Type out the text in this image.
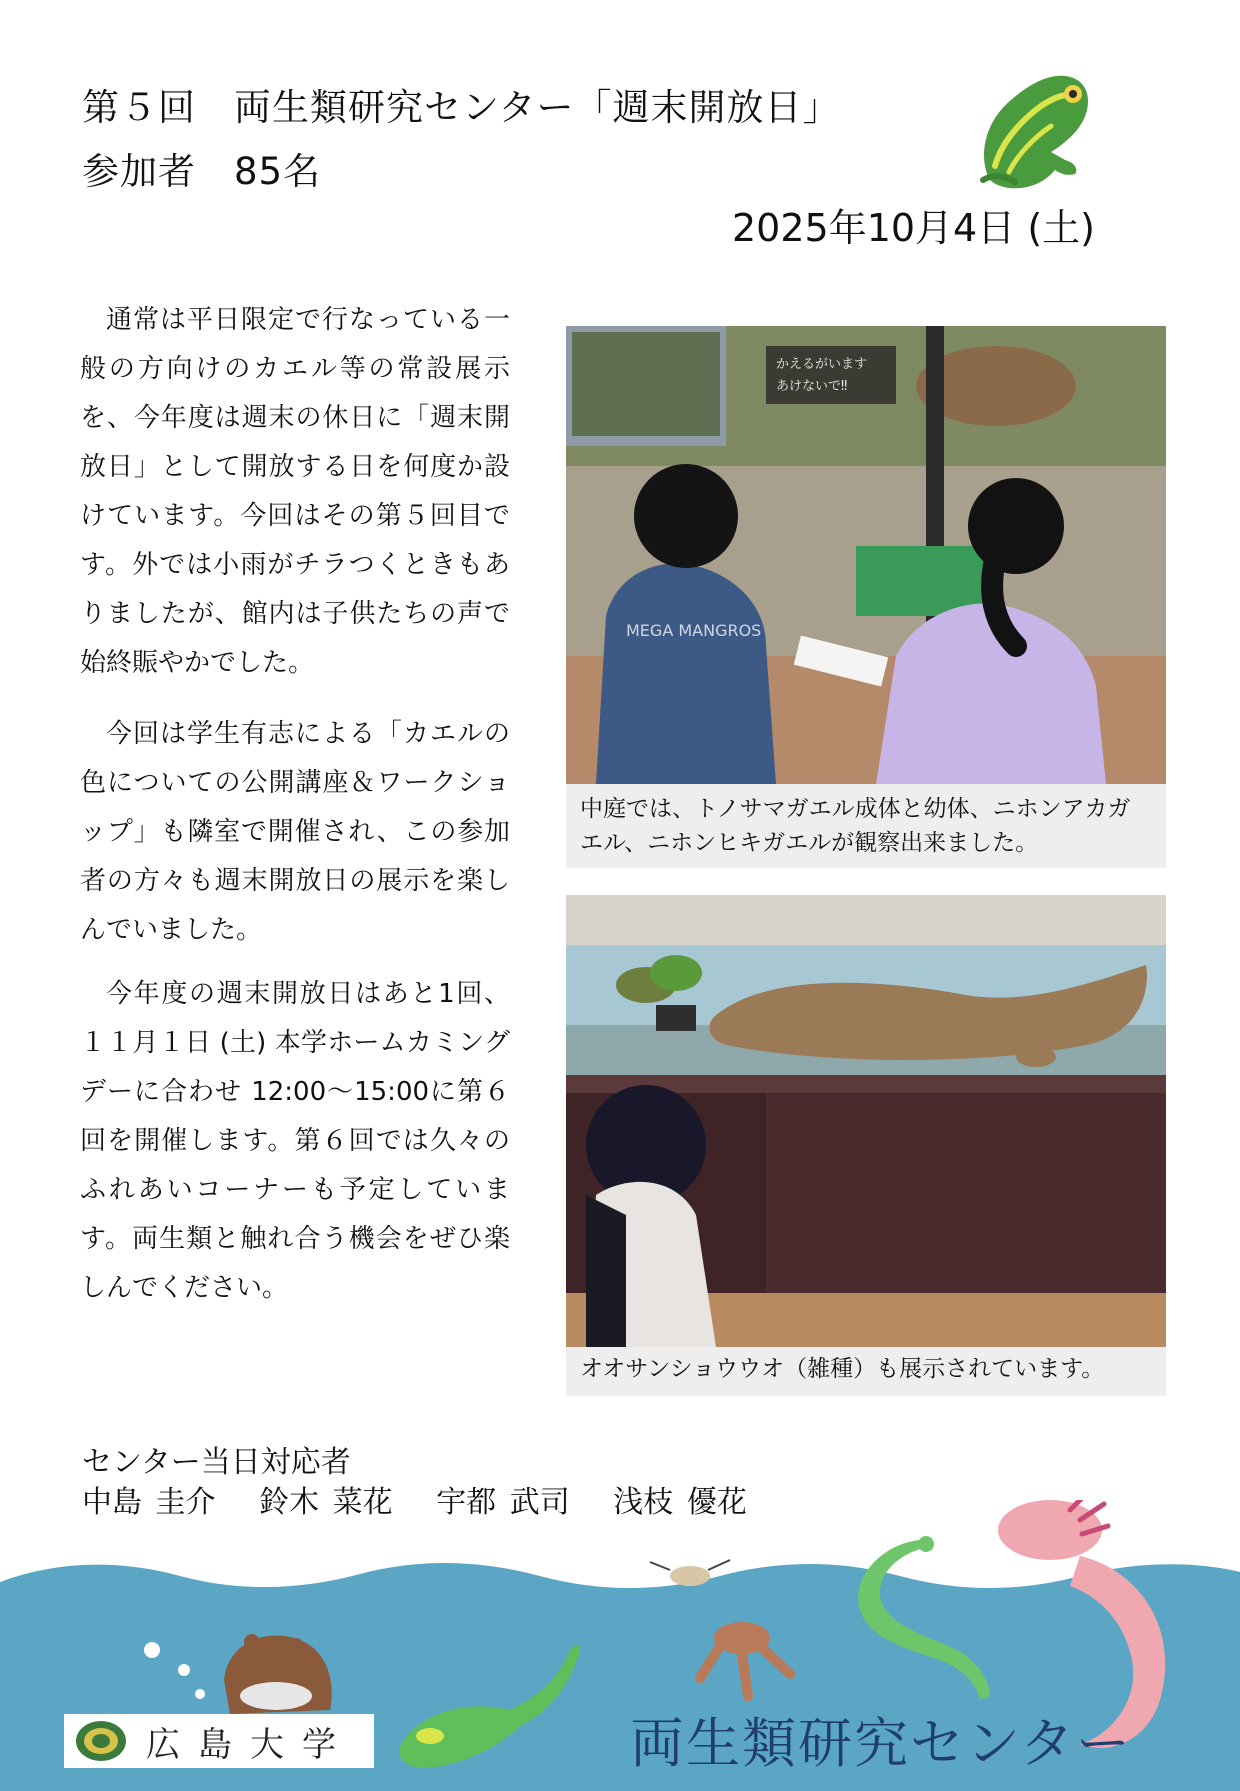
第５回　両生類研究センター「週末開放日」
参加者　85名
2025年10月4日 (土)

通常は平日限定で行なっている一般の方向けのカエル等の常設展示を、今年度は週末の休日に「週末開放日」として開放する日を何度か設けています。今回はその第５回目です。外では小雨がチラつくときもありましたが、館内は子供たちの声で始終賑やかでした。

今回は学生有志による「カエルの色についての公開講座＆ワークショップ」も隣室で開催され、この参加者の方々も週末開放日の展示を楽しんでいました。

今年度の週末開放日はあと1回、１１月１日 (土) 本学ホームカミングデーに合わせ 12:00〜15:00に第６回を開催します。第６回では久々のふれあいコーナーも予定しています。両生類と触れ合う機会をぜひ楽しんでください。

かえるがいます
あけないで‼
MEGA MANGROS
中庭では、トノサマガエル成体と幼体、ニホンアカガエル、ニホンヒキガエルが観察出来ました。
オオサンショウウオ（雑種）も展示されています。
センター当日対応者
中島 圭介 鈴木 菜花 宇都 武司 浅枝 優花
広島大学	両生類研究センター
